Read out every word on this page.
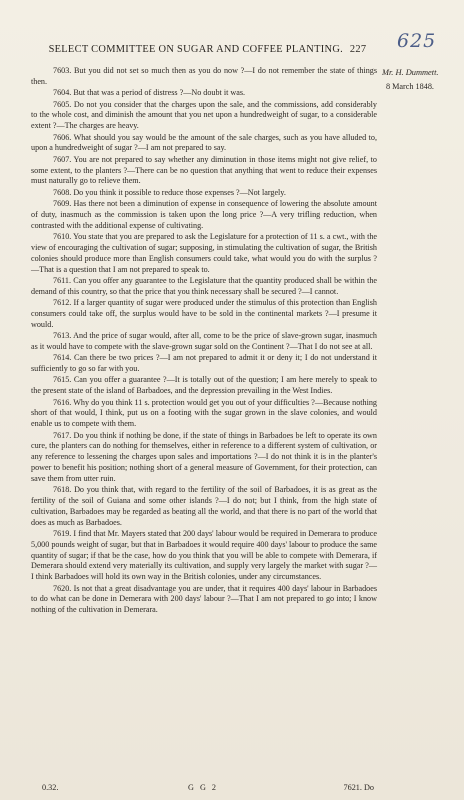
SELECT COMMITTEE ON SUGAR AND COFFEE PLANTING. 227	625
Mr. H. Dummett.
8 March 1848.

7603. But you did not set so much then as you do now ?—I do not remember the state of things then.

7604. But that was a period of distress ?—No doubt it was.

7605. Do not you consider that the charges upon the sale, and the commissions, add considerably to the whole cost, and diminish the amount that you net upon a hundredweight of sugar, to a considerable extent ?—The charges are heavy.

7606. What should you say would be the amount of the sale charges, such as you have alluded to, upon a hundredweight of sugar ?—I am not prepared to say.

7607. You are not prepared to say whether any diminution in those items might not give relief, to some extent, to the planters ?—There can be no question that anything that went to reduce their expenses must naturally go to relieve them.

7608. Do you think it possible to reduce those expenses ?—Not largely.

7609. Has there not been a diminution of expense in consequence of lowering the absolute amount of duty, inasmuch as the commission is taken upon the long price ?—A very trifling reduction, when contrasted with the additional expense of cultivating.

7610. You state that you are prepared to ask the Legislature for a protection of 11 s. a cwt., with the view of encouraging the cultivation of sugar; supposing, in stimulating the cultivation of sugar, the British colonies should produce more than English consumers could take, what would you do with the surplus ?—That is a question that I am not prepared to speak to.

7611. Can you offer any guarantee to the Legislature that the quantity produced shall be within the demand of this country, so that the price that you think necessary shall be secured ?—I cannot.

7612. If a larger quantity of sugar were produced under the stimulus of this protection than English consumers could take off, the surplus would have to be sold in the continental markets ?—I presume it would.

7613. And the price of sugar would, after all, come to be the price of slave-grown sugar, inasmuch as it would have to compete with the slave-grown sugar sold on the Continent ?—That I do not see at all.

7614. Can there be two prices ?—I am not prepared to admit it or deny it; I do not understand it sufficiently to go so far with you.

7615. Can you offer a guarantee ?—It is totally out of the question; I am here merely to speak to the present state of the island of Barbadoes, and the depression prevailing in the West Indies.

7616. Why do you think 11 s. protection would get you out of your difficulties ?—Because nothing short of that would, I think, put us on a footing with the sugar grown in the slave colonies, and would enable us to compete with them.

7617. Do you think if nothing be done, if the state of things in Barbadoes be left to operate its own cure, the planters can do nothing for themselves, either in reference to a different system of cultivation, or any reference to lessening the charges upon sales and importations ?—I do not think it is in the planter's power to benefit his position; nothing short of a general measure of Government, for their protection, can save them from utter ruin.

7618. Do you think that, with regard to the fertility of the soil of Barbadoes, it is as great as the fertility of the soil of Guiana and some other islands ?—I do not; but I think, from the high state of cultivation, Barbadoes may be regarded as beating all the world, and that there is no part of the world that does as much as Barbadoes.

7619. I find that Mr. Mayers stated that 200 days' labour would be required in Demerara to produce 5,000 pounds weight of sugar, but that in Barbadoes it would require 400 days' labour to produce the same quantity of sugar; if that be the case, how do you think that you will be able to compete with Demerara, if Demerara should extend very materially its cultivation, and supply very largely the market with sugar ?—I think Barbadoes will hold its own way in the British colonies, under any circumstances.

7620. Is not that a great disadvantage you are under, that it requires 400 days' labour in Barbadoes to do what can be done in Demerara with 200 days' labour ?—That I am not prepared to go into; I know nothing of the cultivation in Demerara.

0.32.	G G 2	7621. Do
